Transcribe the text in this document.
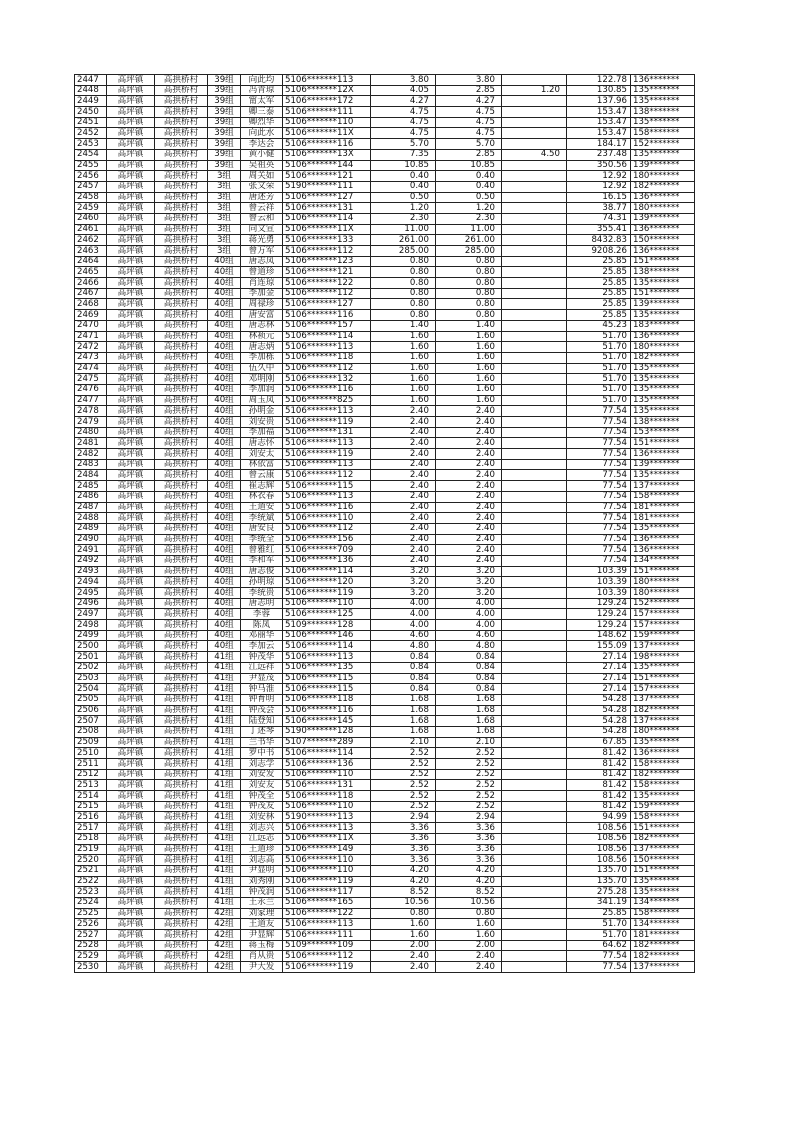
2447	高坪镇	高拱桥村	39组	向此均	5106*******113	3.80	3.80		122.78	136*******
2448	高坪镇	高拱桥村	39组	冯青琼	5106*******12X	4.05	2.85	1.20	130.85	135*******
2449	高坪镇	高拱桥村	39组	甯太军	5106*******172	4.27	4.27		137.96	135*******
2450	高坪镇	高拱桥村	39组	卿三泰	5106*******111	4.75	4.75		153.47	138*******
2451	高坪镇	高拱桥村	39组	卿烈华	5106*******110	4.75	4.75		153.47	135*******
2452	高坪镇	高拱桥村	39组	向此水	5106*******11X	4.75	4.75		153.47	158*******
2453	高坪镇	高拱桥村	39组	李达会	5106*******116	5.70	5.70		184.17	152*******
2454	高坪镇	高拱桥村	39组	黄小健	5106*******13X	7.35	2.85	4.50	237.48	135*******
2455	高坪镇	高拱桥村	39组	吴祖英	5106*******144	10.85	10.85		350.56	139*******
2456	高坪镇	高拱桥村	3组	周关如	5106*******121	0.40	0.40		12.92	180*******
2457	高坪镇	高拱桥村	3组	张文荣	5190*******111	0.40	0.40		12.92	182*******
2458	高坪镇	高拱桥村	3组	唐述芳	5106*******127	0.50	0.50		16.15	136*******
2459	高坪镇	高拱桥村	3组	曾云祥	5106*******131	1.20	1.20		38.77	180*******
2460	高坪镇	高拱桥村	3组	曾云和	5106*******114	2.30	2.30		74.31	139*******
2461	高坪镇	高拱桥村	3组	向文宣	5106*******11X	11.00	11.00		355.41	136*******
2462	高坪镇	高拱桥村	3组	蒋光勇	5106*******133	261.00	261.00		8432.83	150*******
2463	高坪镇	高拱桥村	3组	曾万军	5106*******112	285.00	285.00		9208.26	136*******
2464	高坪镇	高拱桥村	40组	唐志凤	5106*******123	0.80	0.80		25.85	151*******
2465	高坪镇	高拱桥村	40组	曾道珍	5106*******121	0.80	0.80		25.85	138*******
2466	高坪镇	高拱桥村	40组	肖连琼	5106*******122	0.80	0.80		25.85	135*******
2467	高坪镇	高拱桥村	40组	李加金	5106*******112	0.80	0.80		25.85	151*******
2468	高坪镇	高拱桥村	40组	周禄珍	5106*******127	0.80	0.80		25.85	139*******
2469	高坪镇	高拱桥村	40组	唐安富	5106*******116	0.80	0.80		25.85	135*******
2470	高坪镇	高拱桥村	40组	唐志林	5106*******157	1.40	1.40		45.23	183*******
2471	高坪镇	高拱桥村	40组	林祯元	5106*******114	1.60	1.60		51.70	136*******
2472	高坪镇	高拱桥村	40组	唐志炳	5106*******113	1.60	1.60		51.70	180*******
2473	高坪镇	高拱桥村	40组	李加栋	5106*******118	1.60	1.60		51.70	182*******
2474	高坪镇	高拱桥村	40组	伍久中	5106*******112	1.60	1.60		51.70	135*******
2475	高坪镇	高拱桥村	40组	邓明刚	5106*******132	1.60	1.60		51.70	135*******
2476	高坪镇	高拱桥村	40组	李加润	5106*******116	1.60	1.60		51.70	135*******
2477	高坪镇	高拱桥村	40组	周玉凤	5106*******825	1.60	1.60		51.70	135*******
2478	高坪镇	高拱桥村	40组	孙明金	5106*******113	2.40	2.40		77.54	135*******
2479	高坪镇	高拱桥村	40组	刘安贵	5106*******119	2.40	2.40		77.54	138*******
2480	高坪镇	高拱桥村	40组	李加福	5106*******131	2.40	2.40		77.54	153*******
2481	高坪镇	高拱桥村	40组	唐志怀	5106*******113	2.40	2.40		77.54	151*******
2482	高坪镇	高拱桥村	40组	刘安太	5106*******119	2.40	2.40		77.54	136*******
2483	高坪镇	高拱桥村	40组	林依富	5106*******113	2.40	2.40		77.54	139*******
2484	高坪镇	高拱桥村	40组	曾云康	5106*******112	2.40	2.40		77.54	135*******
2485	高坪镇	高拱桥村	40组	崔志辉	5106*******115	2.40	2.40		77.54	137*******
2486	高坪镇	高拱桥村	40组	林衣春	5106*******113	2.40	2.40		77.54	158*******
2487	高坪镇	高拱桥村	40组	王道安	5106*******116	2.40	2.40		77.54	181*******
2488	高坪镇	高拱桥村	40组	李统斌	5106*******110	2.40	2.40		77.54	181*******
2489	高坪镇	高拱桥村	40组	唐安良	5106*******112	2.40	2.40		77.54	135*******
2490	高坪镇	高拱桥村	40组	李统全	5106*******156	2.40	2.40		77.54	136*******
2491	高坪镇	高拱桥村	40组	曾雅红	5106*******709	2.40	2.40		77.54	136*******
2492	高坪镇	高拱桥村	40组	李和军	5106*******136	2.40	2.40		77.54	134*******
2493	高坪镇	高拱桥村	40组	唐志俊	5106*******114	3.20	3.20		103.39	151*******
2494	高坪镇	高拱桥村	40组	孙明琼	5106*******120	3.20	3.20		103.39	180*******
2495	高坪镇	高拱桥村	40组	李统贵	5106*******119	3.20	3.20		103.39	180*******
2496	高坪镇	高拱桥村	40组	唐志明	5106*******110	4.00	4.00		129.24	152*******
2497	高坪镇	高拱桥村	40组	李蓉	5106*******125	4.00	4.00		129.24	157*******
2498	高坪镇	高拱桥村	40组	陈凤	5109*******128	4.00	4.00		129.24	157*******
2499	高坪镇	高拱桥村	40组	邓丽华	5106*******146	4.60	4.60		148.62	159*******
2500	高坪镇	高拱桥村	40组	李加云	5106*******114	4.80	4.80		155.09	137*******
2501	高坪镇	高拱桥村	41组	钟茂华	5106*******113	0.84	0.84		27.14	198*******
2502	高坪镇	高拱桥村	41组	江远祥	5106*******135	0.84	0.84		27.14	135*******
2503	高坪镇	高拱桥村	41组	尹显茂	5106*******115	0.84	0.84		27.14	151*******
2504	高坪镇	高拱桥村	41组	钟马淮	5106*******115	0.84	0.84		27.14	157*******
2505	高坪镇	高拱桥村	41组	钟育明	5106*******118	1.68	1.68		54.28	137*******
2506	高坪镇	高拱桥村	41组	钟茂会	5106*******116	1.68	1.68		54.28	182*******
2507	高坪镇	高拱桥村	41组	陆登知	5106*******145	1.68	1.68		54.28	137*******
2508	高坪镇	高拱桥村	41组	丁述琴	5190*******128	1.68	1.68		54.28	180*******
2509	高坪镇	高拱桥村	41组	兰书华	5107*******289	2.10	2.10		67.85	135*******
2510	高坪镇	高拱桥村	41组	罗中书	5106*******114	2.52	2.52		81.42	136*******
2511	高坪镇	高拱桥村	41组	刘志学	5106*******136	2.52	2.52		81.42	158*******
2512	高坪镇	高拱桥村	41组	刘安发	5106*******110	2.52	2.52		81.42	182*******
2513	高坪镇	高拱桥村	41组	刘安友	5106*******131	2.52	2.52		81.42	158*******
2514	高坪镇	高拱桥村	41组	钟茂全	5106*******118	2.52	2.52		81.42	135*******
2515	高坪镇	高拱桥村	41组	钟茂友	5106*******110	2.52	2.52		81.42	159*******
2516	高坪镇	高拱桥村	41组	刘安林	5190*******113	2.94	2.94		94.99	158*******
2517	高坪镇	高拱桥村	41组	刘志兴	5106*******113	3.36	3.36		108.56	151*******
2518	高坪镇	高拱桥村	41组	江远志	5106*******11X	3.36	3.36		108.56	182*******
2519	高坪镇	高拱桥村	41组	王道珍	5106*******149	3.36	3.36		108.56	137*******
2520	高坪镇	高拱桥村	41组	刘志高	5106*******110	3.36	3.36		108.56	150*******
2521	高坪镇	高拱桥村	41组	尹显明	5106*******110	4.20	4.20		135.70	151*******
2522	高坪镇	高拱桥村	41组	刘秀刚	5106*******119	4.20	4.20		135.70	135*******
2523	高坪镇	高拱桥村	41组	钟茂润	5106*******117	8.52	8.52		275.28	135*******
2524	高坪镇	高拱桥村	41组	王永兰	5106*******165	10.56	10.56		341.19	134*******
2525	高坪镇	高拱桥村	42组	刘家理	5106*******122	0.80	0.80		25.85	158*******
2526	高坪镇	高拱桥村	42组	王道友	5106*******113	1.60	1.60		51.70	134*******
2527	高坪镇	高拱桥村	42组	尹显辉	5106*******111	1.60	1.60		51.70	181*******
2528	高坪镇	高拱桥村	42组	蒋玉梅	5109*******109	2.00	2.00		64.62	182*******
2529	高坪镇	高拱桥村	42组	肖从贵	5106*******112	2.40	2.40		77.54	182*******
2530	高坪镇	高拱桥村	42组	尹大发	5106*******119	2.40	2.40		77.54	137*******
